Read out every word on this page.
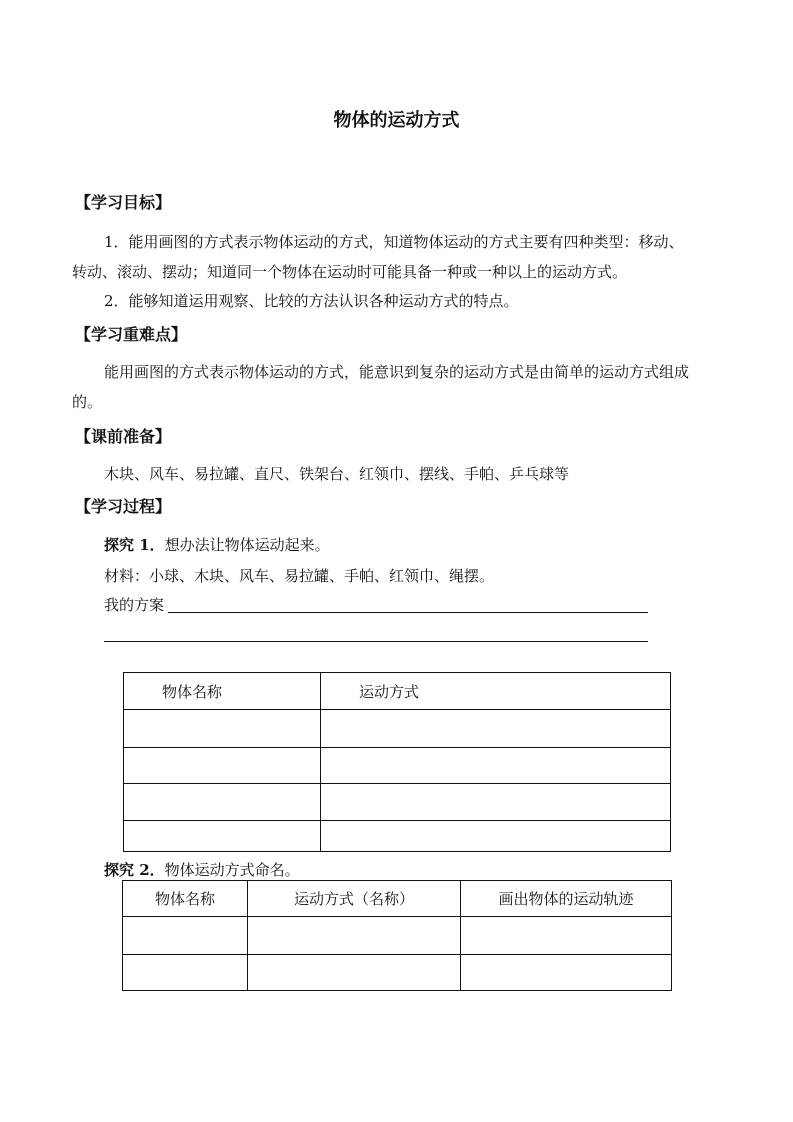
物体的运动方式
【学习目标】
1．能用画图的方式表示物体运动的方式，知道物体运动的方式主要有四种类型：移动、
转动、滚动、摆动；知道同一个物体在运动时可能具备一种或一种以上的运动方式。
2．能够知道运用观察、比较的方法认识各种运动方式的特点。
【学习重难点】
能用画图的方式表示物体运动的方式，能意识到复杂的运动方式是由简单的运动方式组成
的。
【课前准备】
木块、风车、易拉罐、直尺、铁架台、红领巾、摆线、手帕、乒乓球等
【学习过程】
探究 1．想办法让物体运动起来。
材料：小球、木块、风车、易拉罐、手帕、红领巾、绳摆。
我的方案
物体名称	运动方式

探究 2．物体运动方式命名。
物体名称	运动方式（名称）	画出物体的运动轨迹
